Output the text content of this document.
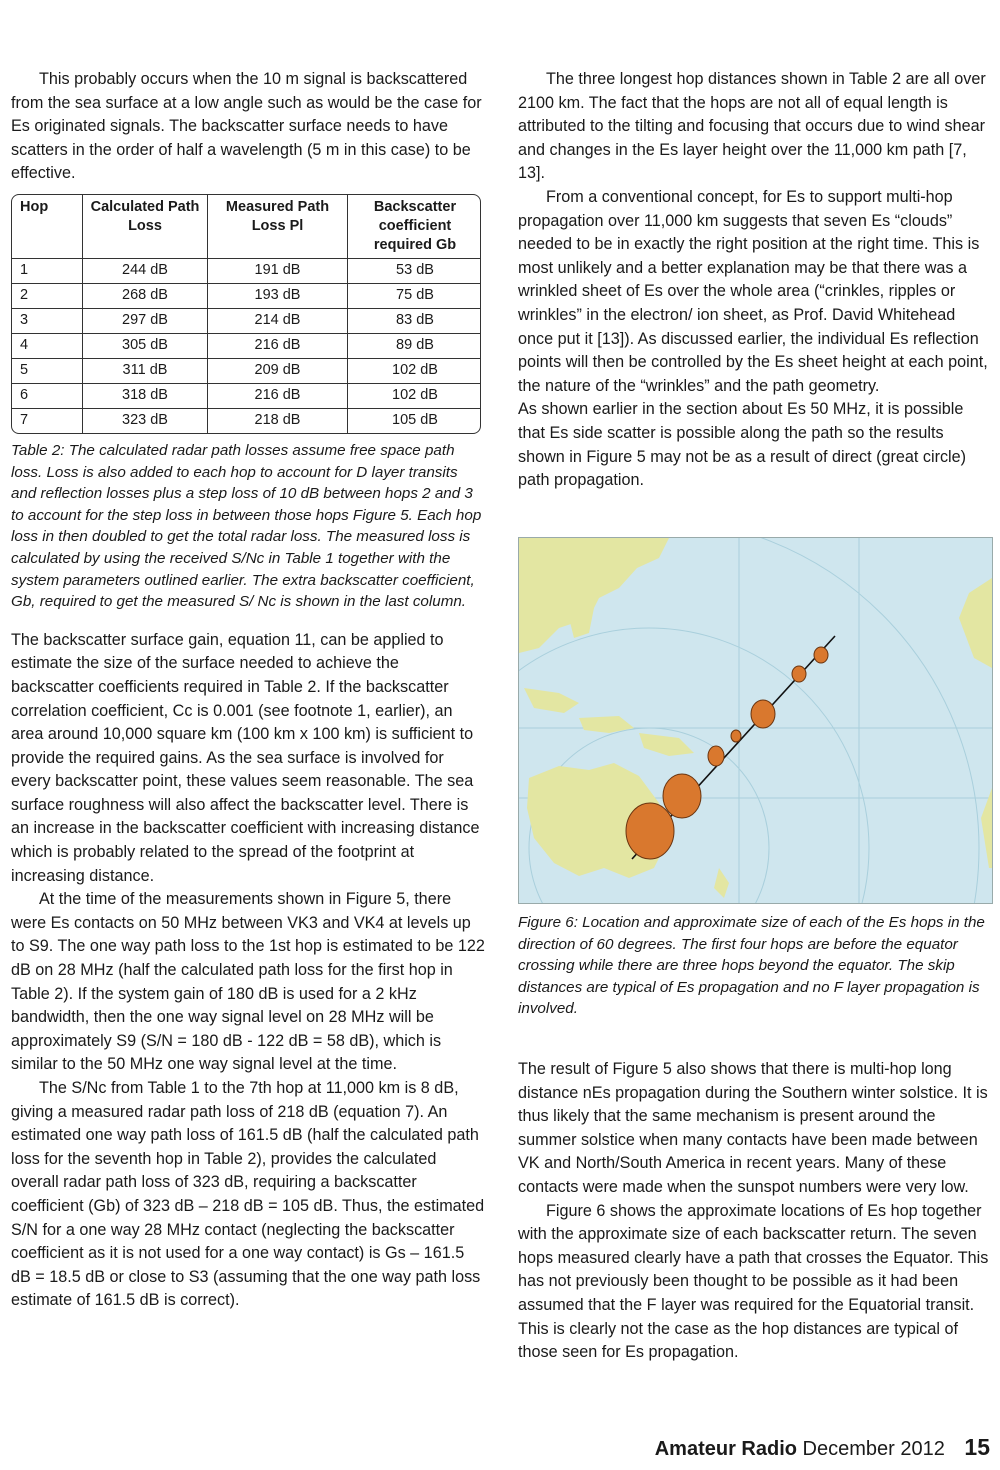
This probably occurs when the 10 m signal is backscattered from the sea surface at a low angle such as would be the case for Es originated signals. The backscatter surface needs to have scatters in the order of half a wavelength (5 m in this case) to be effective.

Hop	Calculated Path Loss	Measured Path Loss Pl	Backscatter coefficient required Gb
1	244 dB	191 dB	53 dB
2	268 dB	193 dB	75 dB
3	297 dB	214 dB	83 dB
4	305 dB	216 dB	89 dB
5	311 dB	209 dB	102 dB
6	318 dB	216 dB	102 dB
7	323 dB	218 dB	105 dB

Table 2: The calculated radar path losses assume free space path loss. Loss is also added to each hop to account for D layer transits and reflection losses plus a step loss of 10 dB between hops 2 and 3 to account for the step loss in between those hops Figure 5. Each hop loss in then doubled to get the total radar loss. The measured loss is calculated by using the received S/Nc in Table 1 together with the system parameters outlined earlier. The extra backscatter coefficient, Gb, required to get the measured S/ Nc is shown in the last column.

The backscatter surface gain, equation 11, can be applied to estimate the size of the surface needed to achieve the backscatter coefficients required in Table 2. If the backscatter correlation coefficient, Cc is 0.001 (see footnote 1, earlier), an area around 10,000 square km (100 km x 100 km) is sufficient to provide the required gains. As the sea surface is involved for every backscatter point, these values seem reasonable. The sea surface roughness will also affect the backscatter level. There is an increase in the backscatter coefficient with increasing distance which is probably related to the spread of the footprint at increasing distance.

At the time of the measurements shown in Figure 5, there were Es contacts on 50 MHz between VK3 and VK4 at levels up to S9. The one way path loss to the 1st hop is estimated to be 122 dB on 28 MHz (half the calculated path loss for the first hop in Table 2). If the system gain of 180 dB is used for a 2 kHz bandwidth, then the one way signal level on 28 MHz will be approximately S9 (S/N = 180 dB - 122 dB = 58 dB), which is similar to the 50 MHz one way signal level at the time.

The S/Nc from Table 1 to the 7th hop at 11,000 km is 8 dB, giving a measured radar path loss of 218 dB (equation 7). An estimated one way path loss of 161.5 dB (half the calculated path loss for the seventh hop in Table 2), provides the calculated overall radar path loss of 323 dB, requiring a backscatter coefficient (Gb) of 323 dB – 218 dB = 105 dB. Thus, the estimated S/N for a one way 28 MHz contact (neglecting the backscatter coefficient as it is not used for a one way contact) is Gs – 161.5 dB = 18.5 dB or close to S3 (assuming that the one way path loss estimate of 161.5 dB is correct).

The three longest hop distances shown in Table 2 are all over 2100 km. The fact that the hops are not all of equal length is attributed to the tilting and focusing that occurs due to wind shear and changes in the Es layer height over the 11,000 km path [7, 13].

From a conventional concept, for Es to support multi-hop propagation over 11,000 km suggests that seven Es “clouds” needed to be in exactly the right position at the right time. This is most unlikely and a better explanation may be that there was a wrinkled sheet of Es over the whole area (“crinkles, ripples or wrinkles” in the electron/ ion sheet, as Prof. David Whitehead once put it [13]). As discussed earlier, the individual Es reflection points will then be controlled by the Es sheet height at each point, the nature of the “wrinkles” and the path geometry.

As shown earlier in the section about Es 50 MHz, it is possible that Es side scatter is possible along the path so the results shown in Figure 5 may not be as a result of direct (great circle) path propagation.

Figure 6: Location and approximate size of each of the Es hops in the direction of 60 degrees. The first four hops are before the equator crossing while there are three hops beyond the equator. The skip distances are typical of Es propagation and no F layer propagation is involved.

The result of Figure 5 also shows that there is multi-hop long distance nEs propagation during the Southern winter solstice. It is thus likely that the same mechanism is present around the summer solstice when many contacts have been made between VK and North/South America in recent years. Many of these contacts were made when the sunspot numbers were very low.

Figure 6 shows the approximate locations of Es hop together with the approximate size of each backscatter return. The seven hops measured clearly have a path that crosses the Equator. This has not previously been thought to be possible as it had been assumed that the F layer was required for the Equatorial transit. This is clearly not the case as the hop distances are typical of those seen for Es propagation.

Amateur Radio December 2012 15
